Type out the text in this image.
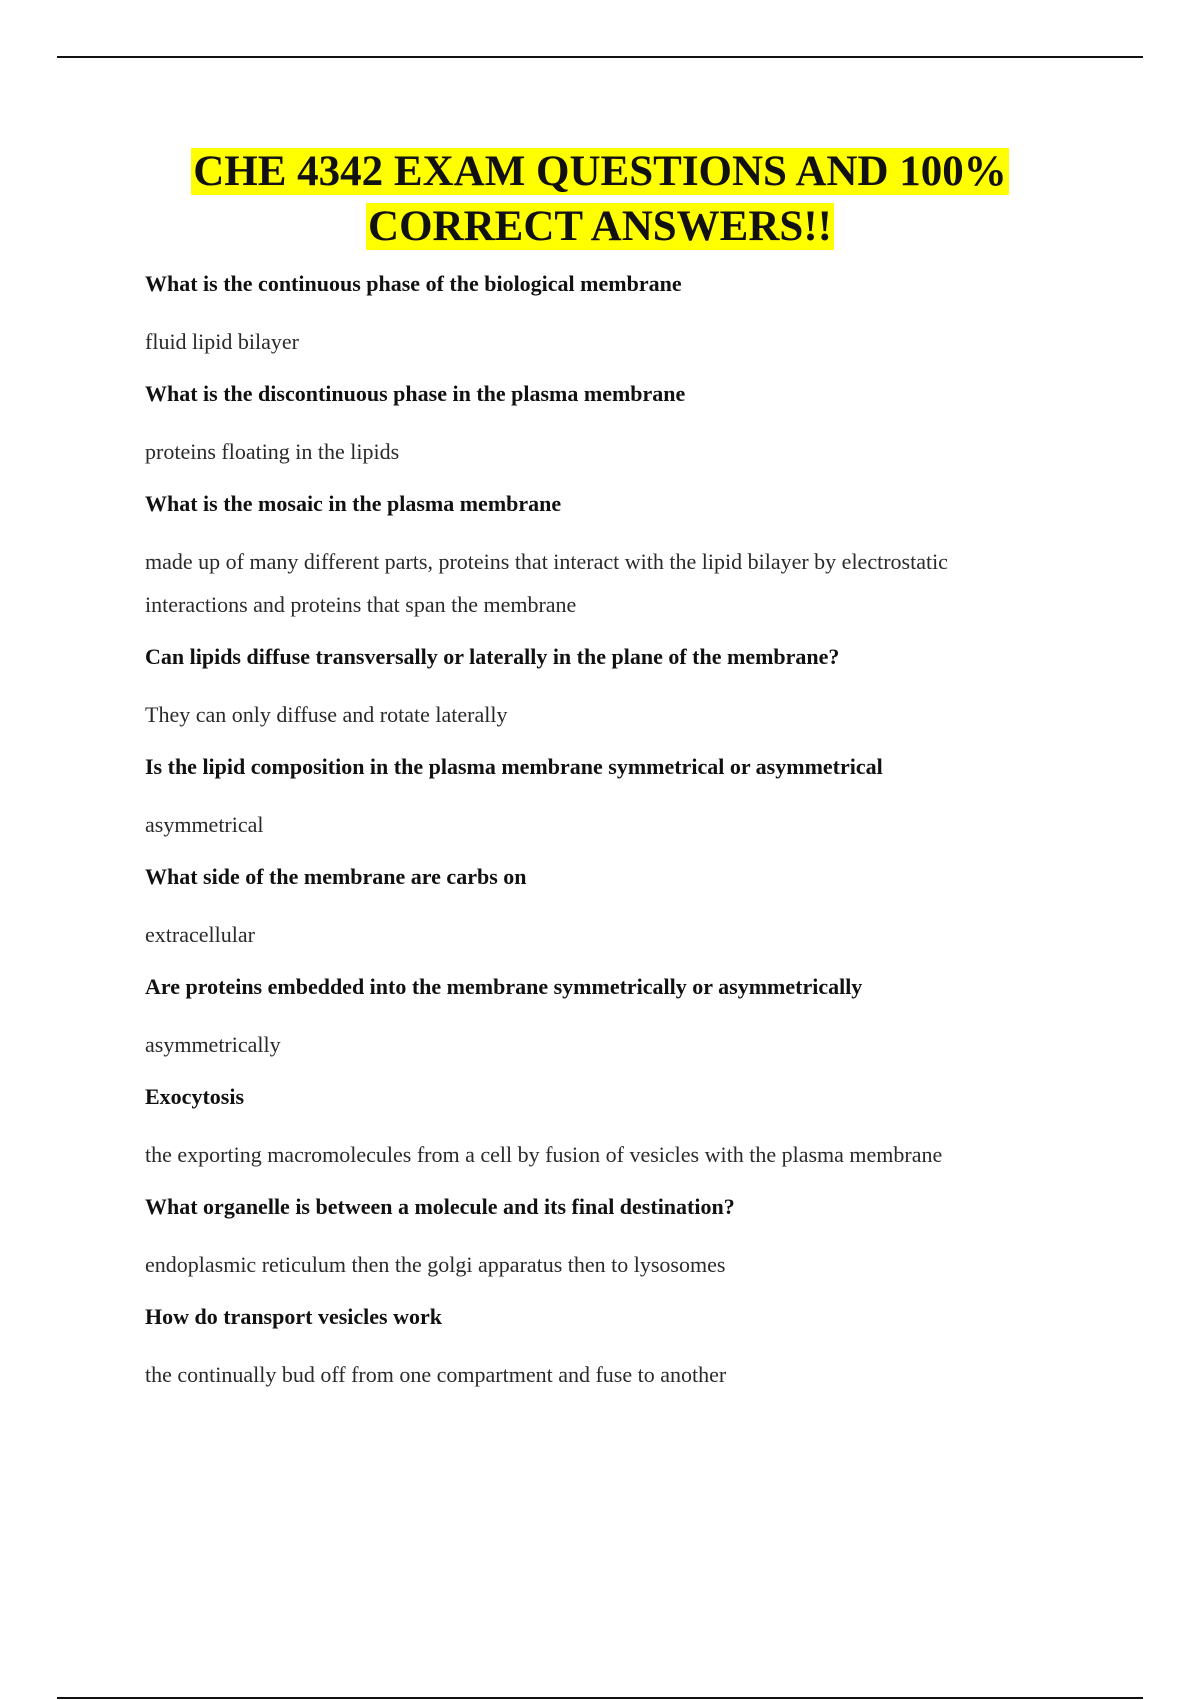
CHE 4342 EXAM QUESTIONS AND 100%
CORRECT ANSWERS!!

What is the continuous phase of the biological membrane

fluid lipid bilayer

What is the discontinuous phase in the plasma membrane

proteins floating in the lipids

What is the mosaic in the plasma membrane

made up of many different parts, proteins that interact with the lipid bilayer by electrostatic interactions and proteins that span the membrane

Can lipids diffuse transversally or laterally in the plane of the membrane?

They can only diffuse and rotate laterally

Is the lipid composition in the plasma membrane symmetrical or asymmetrical

asymmetrical

What side of the membrane are carbs on

extracellular

Are proteins embedded into the membrane symmetrically or asymmetrically

asymmetrically

Exocytosis

the exporting macromolecules from a cell by fusion of vesicles with the plasma membrane

What organelle is between a molecule and its final destination?

endoplasmic reticulum then the golgi apparatus then to lysosomes

How do transport vesicles work

the continually bud off from one compartment and fuse to another
